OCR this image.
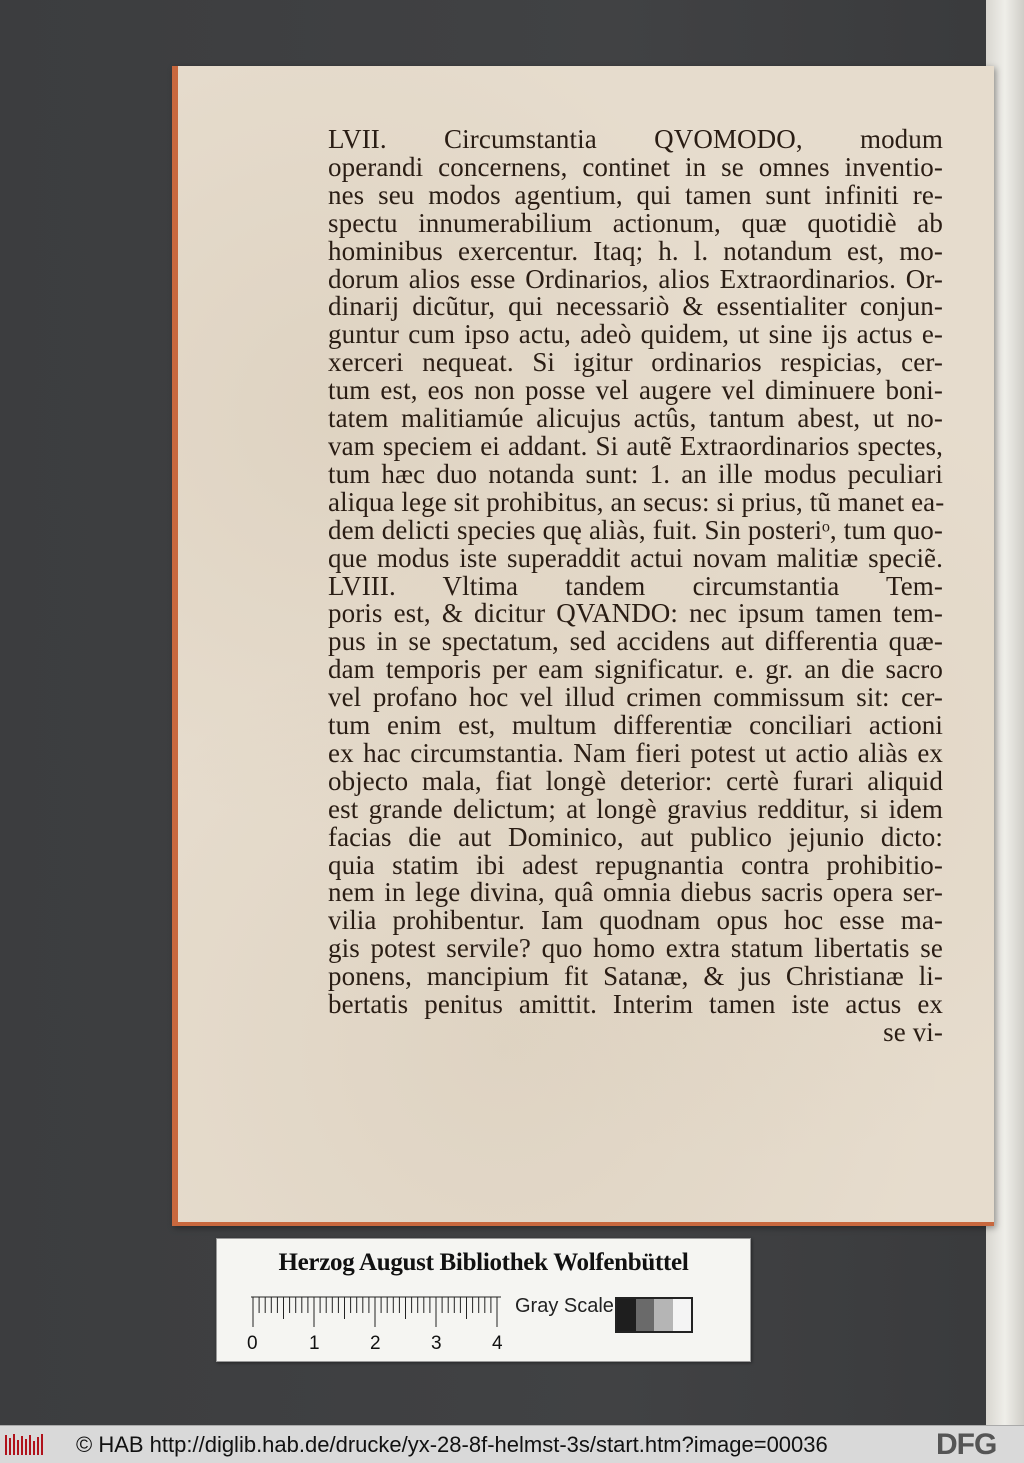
LVII. Circumstantia QVOMODO, modum
operandi concernens, continet in se omnes inventio-
nes seu modos agentium, qui tamen sunt infiniti re-
spectu innumerabilium actionum, quæ quotidiè ab
hominibus exercentur. Itaq; h. l. notandum est, mo-
dorum alios esse Ordinarios, alios Extraordinarios. Or-
dinarij dicũtur, qui necessariò & essentialiter conjun-
guntur cum ipso actu, adeò quidem, ut sine ijs actus e-
xerceri nequeat. Si igitur ordinarios respicias, cer-
tum est, eos non posse vel augere vel diminuere boni-
tatem malitiamúe alicujus actûs, tantum abest, ut no-
vam speciem ei addant. Si autẽ Extraordinarios spectes,
tum hæc duo notanda sunt: 1. an ille modus peculiari
aliqua lege sit prohibitus, an secus: si prius, tũ manet ea-
dem delicti species quę aliàs, fuit. Sin posteriᵒ, tum quo-
que modus iste superaddit actui novam malitiæ speciẽ.
LVIII. Vltima tandem circumstantia Tem-
poris est, & dicitur QVANDO: nec ipsum tamen tem-
pus in se spectatum, sed accidens aut differentia quæ-
dam temporis per eam significatur. e. gr. an die sacro
vel profano hoc vel illud crimen commissum sit: cer-
tum enim est, multum differentiæ conciliari actioni
ex hac circumstantia. Nam fieri potest ut actio aliàs ex
objecto mala, fiat longè deterior: certè furari aliquid
est grande delictum; at longè gravius redditur, si idem
facias die aut Dominico, aut publico jejunio dicto:
quia statim ibi adest repugnantia contra prohibitio-
nem in lege divina, quâ omnia diebus sacris opera ser-
vilia prohibentur. Iam quodnam opus hoc esse ma-
gis potest servile? quo homo extra statum libertatis se
ponens, mancipium fit Satanæ, & jus Christianæ li-
bertatis penitus amittit. Interim tamen iste actus ex
se vi-
Herzog August Bibliothek Wolfenbüttel
Gray Scale
0	1	2	3	4
© HAB http://diglib.hab.de/drucke/yx-28-8f-helmst-3s/start.htm?image=00036	DFG
